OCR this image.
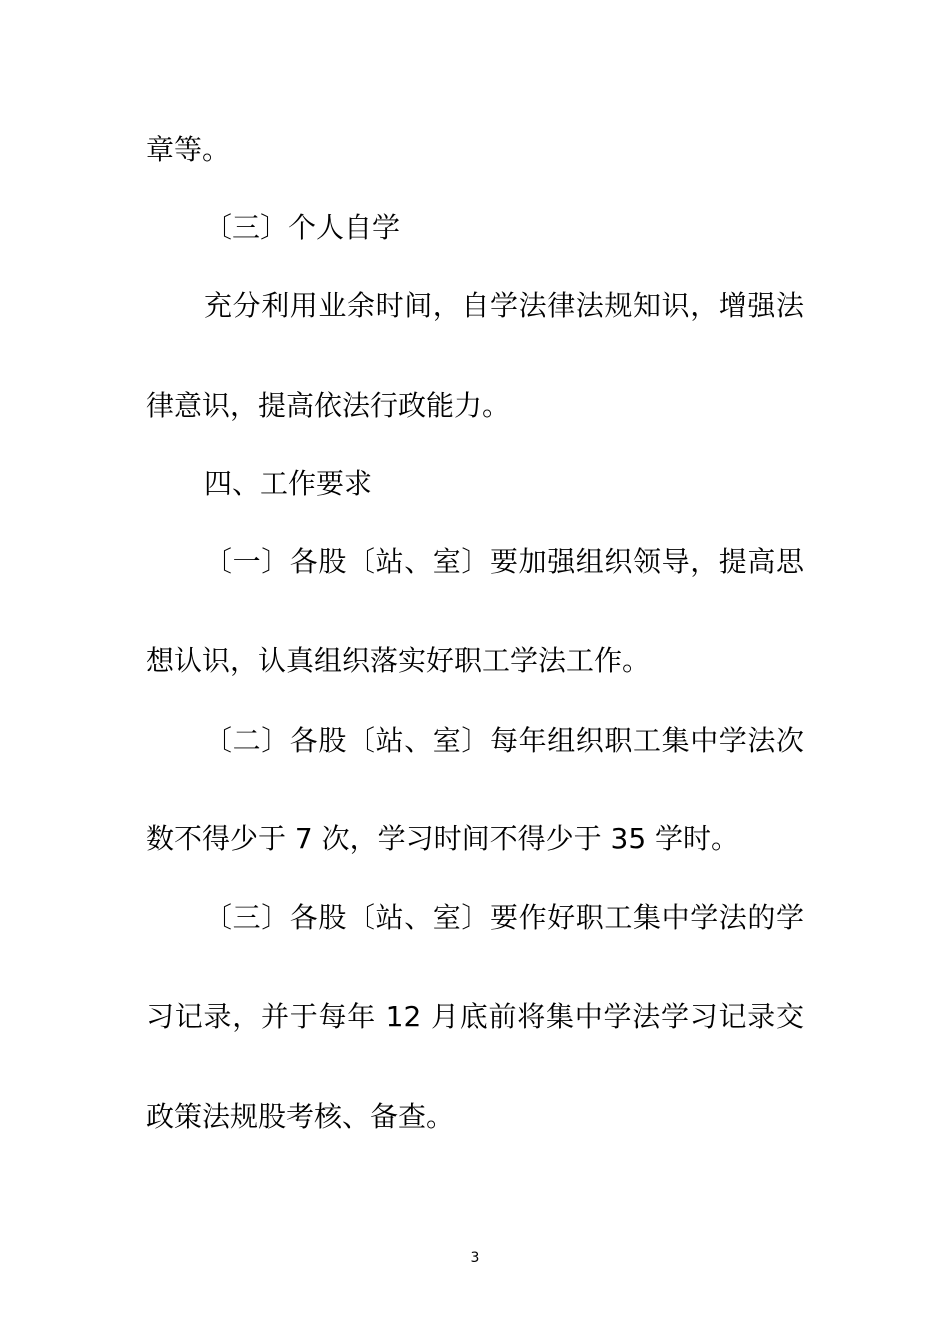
章等。

〔三〕个人自学

充分利用业余时间，自学法律法规知识，增强法

律意识，提高依法行政能力。

四、工作要求

〔一〕各股〔站、室〕要加强组织领导，提高思

想认识，认真组织落实好职工学法工作。

〔二〕各股〔站、室〕每年组织职工集中学法次

数不得少于 7 次，学习时间不得少于 35 学时。

〔三〕各股〔站、室〕要作好职工集中学法的学

习记录，并于每年 12 月底前将集中学法学习记录交

政策法规股考核、备查。

3
